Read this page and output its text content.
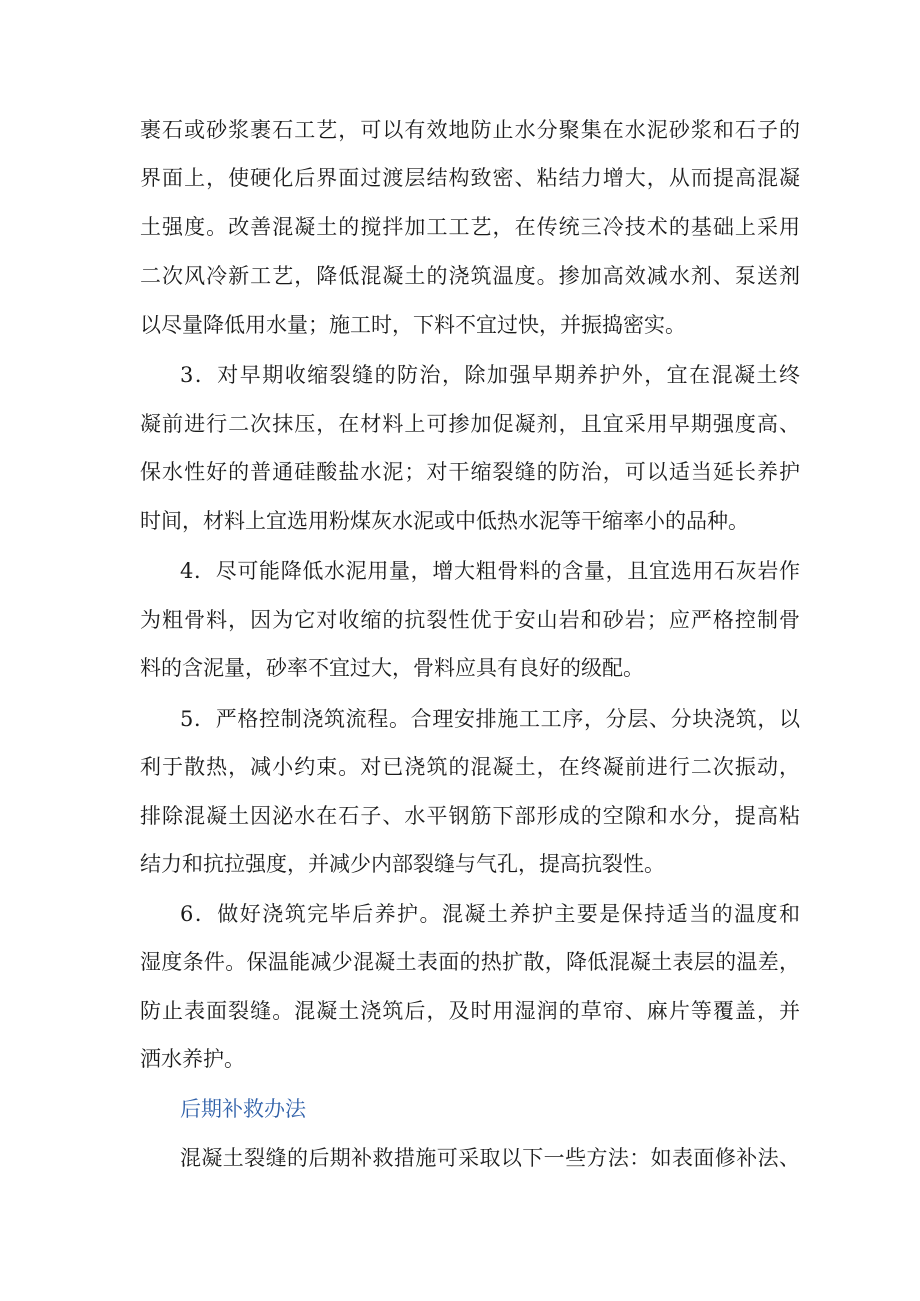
裹石或砂浆裹石工艺，可以有效地防止水分聚集在水泥砂浆和石子的

界面上，使硬化后界面过渡层结构致密、粘结力增大，从而提高混凝

土强度。改善混凝土的搅拌加工工艺，在传统三冷技术的基础上采用

二次风冷新工艺，降低混凝土的浇筑温度。掺加高效减水剂、泵送剂

以尽量降低用水量；施工时，下料不宜过快，并振捣密实。

3．对早期收缩裂缝的防治，除加强早期养护外，宜在混凝土终

凝前进行二次抹压，在材料上可掺加促凝剂，且宜采用早期强度高、

保水性好的普通硅酸盐水泥；对干缩裂缝的防治，可以适当延长养护

时间，材料上宜选用粉煤灰水泥或中低热水泥等干缩率小的品种。

4．尽可能降低水泥用量，增大粗骨料的含量，且宜选用石灰岩作

为粗骨料，因为它对收缩的抗裂性优于安山岩和砂岩；应严格控制骨

料的含泥量，砂率不宜过大，骨料应具有良好的级配。

5．严格控制浇筑流程。合理安排施工工序，分层、分块浇筑，以

利于散热，减小约束。对已浇筑的混凝土，在终凝前进行二次振动，

排除混凝土因泌水在石子、水平钢筋下部形成的空隙和水分，提高粘

结力和抗拉强度，并减少内部裂缝与气孔，提高抗裂性。

6．做好浇筑完毕后养护。混凝土养护主要是保持适当的温度和

湿度条件。保温能减少混凝土表面的热扩散，降低混凝土表层的温差，

防止表面裂缝。混凝土浇筑后，及时用湿润的草帘、麻片等覆盖，并

洒水养护。

后期补救办法

混凝土裂缝的后期补救措施可采取以下一些方法：如表面修补法、
